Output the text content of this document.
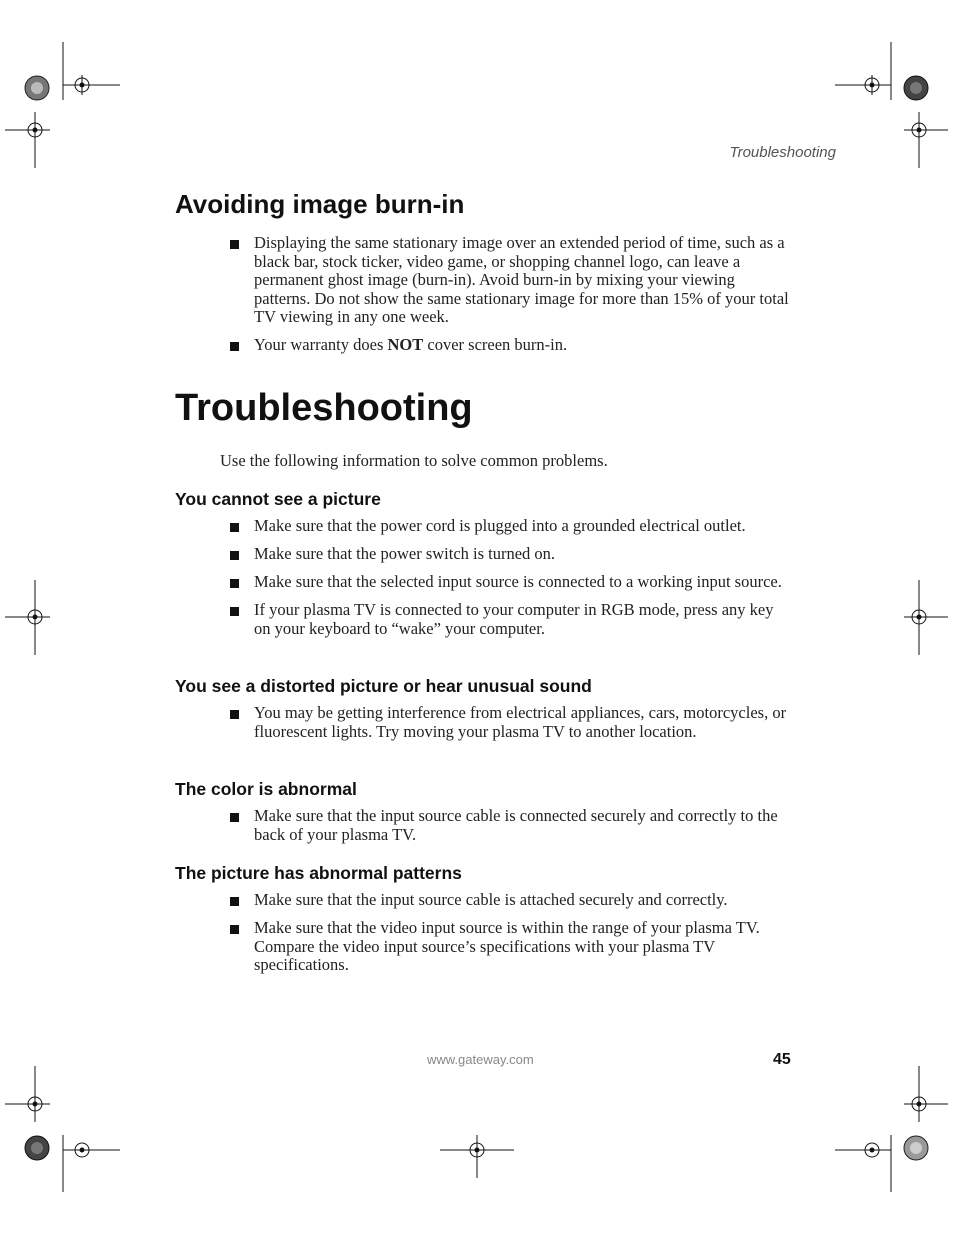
Troubleshooting
Avoiding image burn-in
Displaying the same stationary image over an extended period of time, such as a black bar, stock ticker, video game, or shopping channel logo, can leave a permanent ghost image (burn-in). Avoid burn-in by mixing your viewing patterns. Do not show the same stationary image for more than 15% of your total TV viewing in any one week.
Your warranty does NOT cover screen burn-in.
Troubleshooting
Use the following information to solve common problems.
You cannot see a picture
Make sure that the power cord is plugged into a grounded electrical outlet.
Make sure that the power switch is turned on.
Make sure that the selected input source is connected to a working input source.
If your plasma TV is connected to your computer in RGB mode, press any key on your keyboard to “wake” your computer.
You see a distorted picture or hear unusual sound
You may be getting interference from electrical appliances, cars, motorcycles, or fluorescent lights. Try moving your plasma TV to another location.
The color is abnormal
Make sure that the input source cable is connected securely and correctly to the back of your plasma TV.
The picture has abnormal patterns
Make sure that the input source cable is attached securely and correctly.
Make sure that the video input source is within the range of your plasma TV. Compare the video input source’s specifications with your plasma TV specifications.
www.gateway.com	45
